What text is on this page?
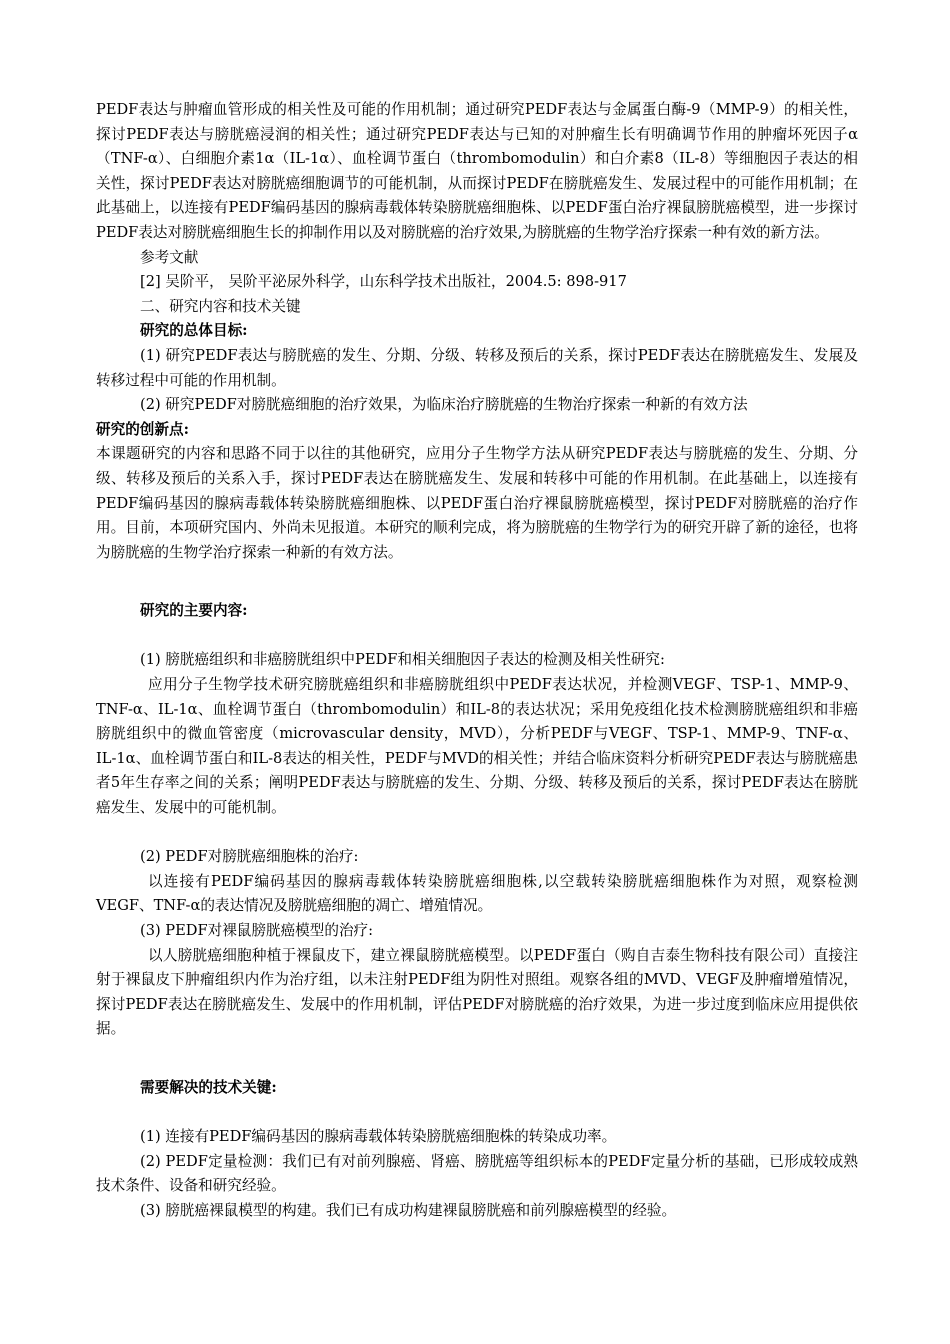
PEDF表达与肿瘤血管形成的相关性及可能的作用机制；通过研究PEDF表达与金属蛋白酶-9（MMP-9）的相关性，探讨PEDF表达与膀胱癌浸润的相关性；通过研究PEDF表达与已知的对肿瘤生长有明确调节作用的肿瘤坏死因子α（TNF-α）、白细胞介素1α（IL-1α）、血栓调节蛋白（thrombomodulin）和白介素8（IL-8）等细胞因子表达的相关性，探讨PEDF表达对膀胱癌细胞调节的可能机制，从而探讨PEDF在膀胱癌发生、发展过程中的可能作用机制；在此基础上，以连接有PEDF编码基因的腺病毒载体转染膀胱癌细胞株、以PEDF蛋白治疗裸鼠膀胱癌模型，进一步探讨PEDF表达对膀胱癌细胞生长的抑制作用以及对膀胱癌的治疗效果,为膀胱癌的生物学治疗探索一种有效的新方法。

参考文献

[2] 吴阶平， 吴阶平泌尿外科学，山东科学技术出版社，2004.5: 898-917

二、研究内容和技术关键

研究的总体目标:

(1) 研究PEDF表达与膀胱癌的发生、分期、分级、转移及预后的关系，探讨PEDF表达在膀胱癌发生、发展及转移过程中可能的作用机制。

(2) 研究PEDF对膀胱癌细胞的治疗效果，为临床治疗膀胱癌的生物治疗探索一种新的有效方法

研究的创新点:

本课题研究的内容和思路不同于以往的其他研究，应用分子生物学方法从研究PEDF表达与膀胱癌的发生、分期、分级、转移及预后的关系入手，探讨PEDF表达在膀胱癌发生、发展和转移中可能的作用机制。在此基础上，以连接有PEDF编码基因的腺病毒载体转染膀胱癌细胞株、以PEDF蛋白治疗裸鼠膀胱癌模型，探讨PEDF对膀胱癌的治疗作用。目前，本项研究国内、外尚未见报道。本研究的顺利完成，将为膀胱癌的生物学行为的研究开辟了新的途径，也将为膀胱癌的生物学治疗探索一种新的有效方法。

研究的主要内容:

(1) 膀胱癌组织和非癌膀胱组织中PEDF和相关细胞因子表达的检测及相关性研究:

应用分子生物学技术研究膀胱癌组织和非癌膀胱组织中PEDF表达状况，并检测VEGF、TSP-1、MMP-9、TNF-α、IL-1α、血栓调节蛋白（thrombomodulin）和IL-8的表达状况；采用免疫组化技术检测膀胱癌组织和非癌膀胱组织中的微血管密度（microvascular density，MVD），分析PEDF与VEGF、TSP-1、MMP-9、TNF-α、IL-1α、血栓调节蛋白和IL-8表达的相关性，PEDF与MVD的相关性；并结合临床资料分析研究PEDF表达与膀胱癌患者5年生存率之间的关系；阐明PEDF表达与膀胱癌的发生、分期、分级、转移及预后的关系，探讨PEDF表达在膀胱癌发生、发展中的可能机制。

(2) PEDF对膀胱癌细胞株的治疗:

以连接有PEDF编码基因的腺病毒载体转染膀胱癌细胞株,以空载转染膀胱癌细胞株作为对照，观察检测VEGF、TNF-α的表达情况及膀胱癌细胞的凋亡、增殖情况。

(3) PEDF对裸鼠膀胱癌模型的治疗:

以人膀胱癌细胞种植于裸鼠皮下，建立裸鼠膀胱癌模型。以PEDF蛋白（购自吉泰生物科技有限公司）直接注射于裸鼠皮下肿瘤组织内作为治疗组，以未注射PEDF组为阴性对照组。观察各组的MVD、VEGF及肿瘤增殖情况，探讨PEDF表达在膀胱癌发生、发展中的作用机制，评估PEDF对膀胱癌的治疗效果，为进一步过度到临床应用提供依据。

需要解决的技术关键:

(1) 连接有PEDF编码基因的腺病毒载体转染膀胱癌细胞株的转染成功率。

(2) PEDF定量检测：我们已有对前列腺癌、肾癌、膀胱癌等组织标本的PEDF定量分析的基础，已形成较成熟技术条件、设备和研究经验。

(3) 膀胱癌裸鼠模型的构建。我们已有成功构建裸鼠膀胱癌和前列腺癌模型的经验。
